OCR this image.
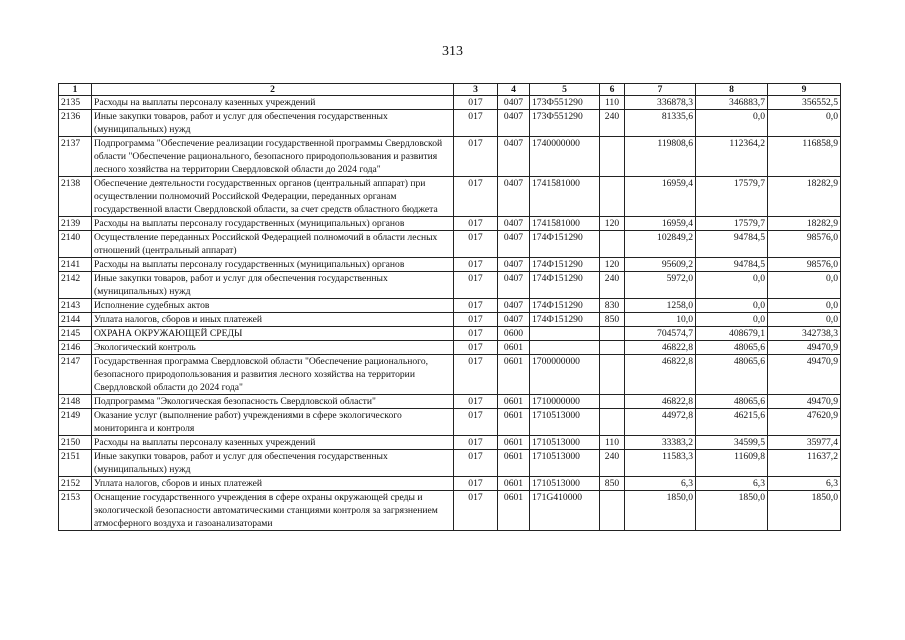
313
1	2	3	4	5	6	7	8	9
2135	Расходы на выплаты персоналу казенных учреждений	017	0407	173Ф551290	110	336878,3	346883,7	356552,5
2136	Иные закупки товаров, работ и услуг для обеспечения государственных (муниципальных) нужд	017	0407	173Ф551290	240	81335,6	0,0	0,0
2137	Подпрограмма "Обеспечение реализации государственной программы Свердловской области "Обеспечение рационального, безопасного природопользования и развития лесного хозяйства на территории Свердловской области до 2024 года"	017	0407	1740000000		119808,6	112364,2	116858,9
2138	Обеспечение деятельности государственных органов (центральный аппарат) при осуществлении полномочий Российской Федерации, переданных органам государственной власти Свердловской области, за счет средств областного бюджета	017	0407	1741581000		16959,4	17579,7	18282,9
2139	Расходы на выплаты персоналу государственных (муниципальных) органов	017	0407	1741581000	120	16959,4	17579,7	18282,9
2140	Осуществление переданных Российской Федерацией полномочий в области лесных отношений (центральный аппарат)	017	0407	174Ф151290		102849,2	94784,5	98576,0
2141	Расходы на выплаты персоналу государственных (муниципальных) органов	017	0407	174Ф151290	120	95609,2	94784,5	98576,0
2142	Иные закупки товаров, работ и услуг для обеспечения государственных (муниципальных) нужд	017	0407	174Ф151290	240	5972,0	0,0	0,0
2143	Исполнение судебных актов	017	0407	174Ф151290	830	1258,0	0,0	0,0
2144	Уплата налогов, сборов и иных платежей	017	0407	174Ф151290	850	10,0	0,0	0,0
2145	ОХРАНА ОКРУЖАЮЩЕЙ СРЕДЫ	017	0600			704574,7	408679,1	342738,3
2146	Экологический контроль	017	0601			46822,8	48065,6	49470,9
2147	Государственная программа Свердловской области "Обеспечение рационального, безопасного природопользования и развития лесного хозяйства на территории Свердловской области до 2024 года"	017	0601	1700000000		46822,8	48065,6	49470,9
2148	Подпрограмма "Экологическая безопасность Свердловской области"	017	0601	1710000000		46822,8	48065,6	49470,9
2149	Оказание услуг (выполнение работ) учреждениями в сфере экологического мониторинга и контроля	017	0601	1710513000		44972,8	46215,6	47620,9
2150	Расходы на выплаты персоналу казенных учреждений	017	0601	1710513000	110	33383,2	34599,5	35977,4
2151	Иные закупки товаров, работ и услуг для обеспечения государственных (муниципальных) нужд	017	0601	1710513000	240	11583,3	11609,8	11637,2
2152	Уплата налогов, сборов и иных платежей	017	0601	1710513000	850	6,3	6,3	6,3
2153	Оснащение государственного учреждения в сфере охраны окружающей среды и экологической безопасности автоматическими станциями контроля за загрязнением атмосферного воздуха и газоанализаторами	017	0601	171G410000		1850,0	1850,0	1850,0
